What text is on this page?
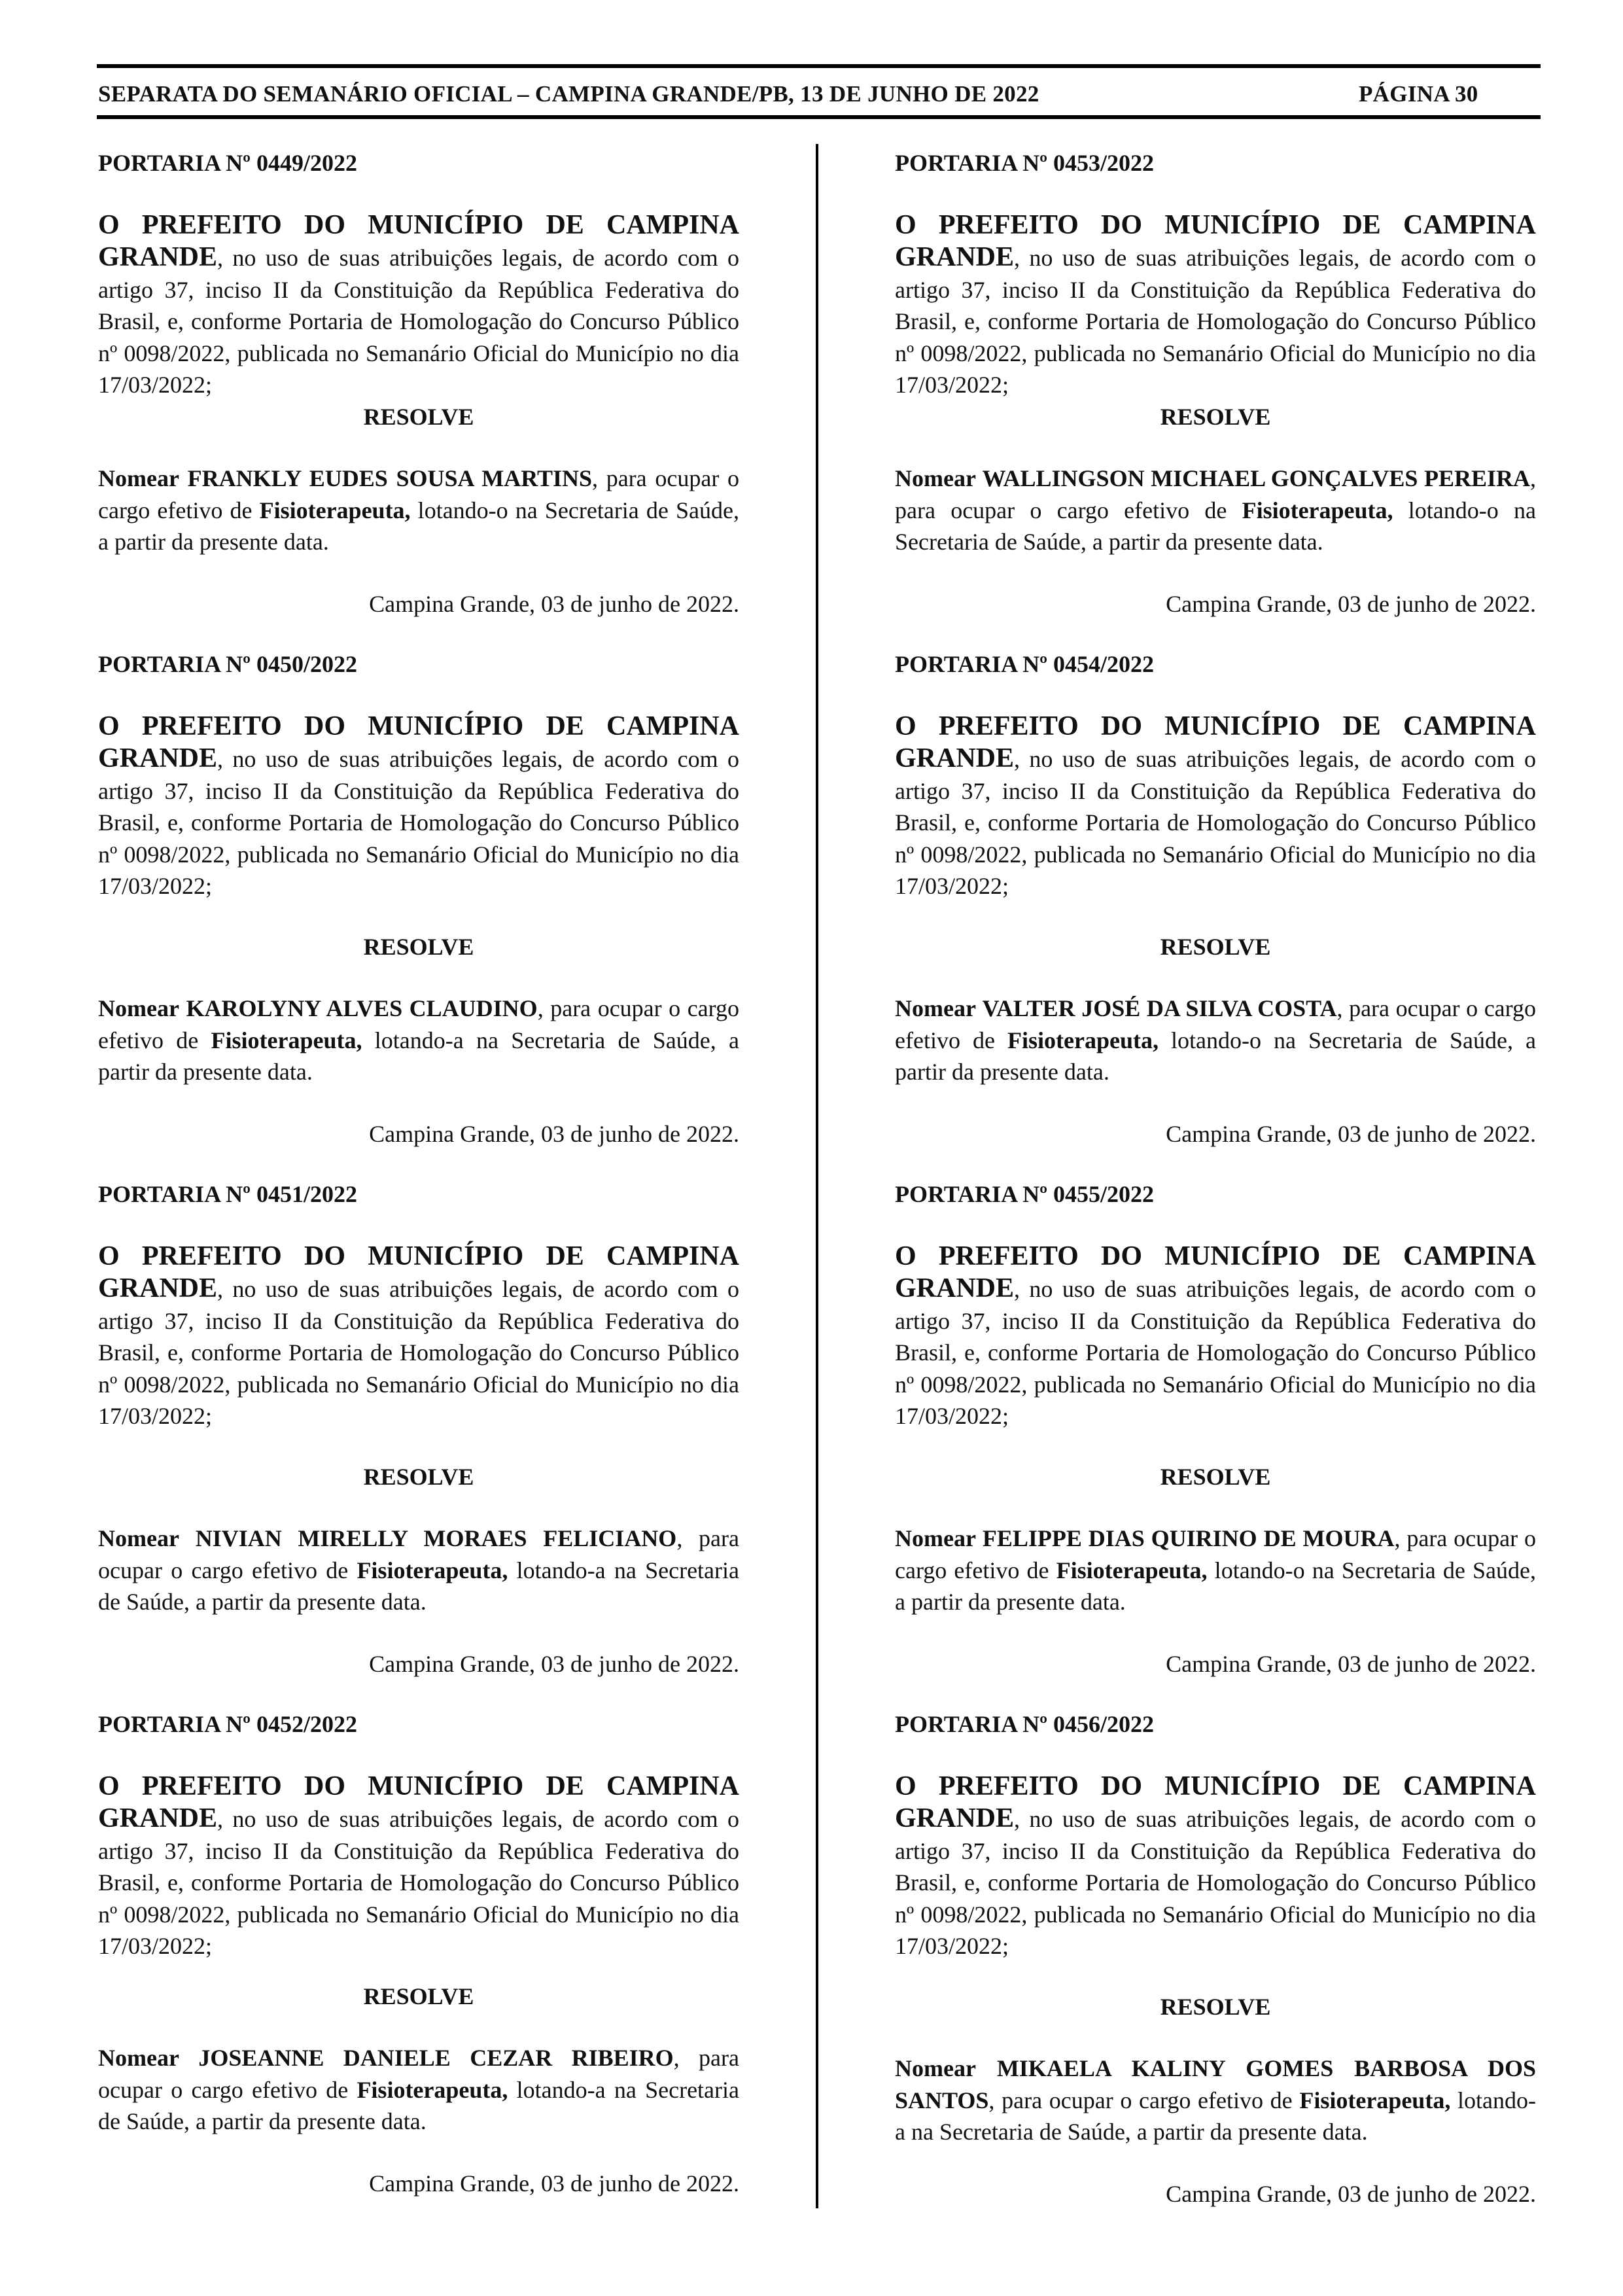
SEPARATA DO SEMANÁRIO OFICIAL – CAMPINA GRANDE/PB, 13 DE JUNHO DE 2022	PÁGINA 30

PORTARIA Nº 0449/2022

O PREFEITO DO MUNICÍPIO DE CAMPINA GRANDE, no uso de suas atribuições legais, de acordo com o artigo 37, inciso II da Constituição da República Federativa do Brasil, e, conforme Portaria de Homologação do Concurso Público nº 0098/2022, publicada no Semanário Oficial do Município no dia 17/03/2022;

RESOLVE

Nomear FRANKLY EUDES SOUSA MARTINS, para ocupar o cargo efetivo de Fisioterapeuta, lotando-o na Secretaria de Saúde, a partir da presente data.

Campina Grande, 03 de junho de 2022.

PORTARIA Nº 0450/2022

O PREFEITO DO MUNICÍPIO DE CAMPINA GRANDE, no uso de suas atribuições legais, de acordo com o artigo 37, inciso II da Constituição da República Federativa do Brasil, e, conforme Portaria de Homologação do Concurso Público nº 0098/2022, publicada no Semanário Oficial do Município no dia 17/03/2022;

RESOLVE

Nomear KAROLYNY ALVES CLAUDINO, para ocupar o cargo efetivo de Fisioterapeuta, lotando-a na Secretaria de Saúde, a partir da presente data.

Campina Grande, 03 de junho de 2022.

PORTARIA Nº 0451/2022

O PREFEITO DO MUNICÍPIO DE CAMPINA GRANDE, no uso de suas atribuições legais, de acordo com o artigo 37, inciso II da Constituição da República Federativa do Brasil, e, conforme Portaria de Homologação do Concurso Público nº 0098/2022, publicada no Semanário Oficial do Município no dia 17/03/2022;

RESOLVE

Nomear NIVIAN MIRELLY MORAES FELICIANO, para ocupar o cargo efetivo de Fisioterapeuta, lotando-a na Secretaria de Saúde, a partir da presente data.

Campina Grande, 03 de junho de 2022.

PORTARIA Nº 0452/2022

O PREFEITO DO MUNICÍPIO DE CAMPINA GRANDE, no uso de suas atribuições legais, de acordo com o artigo 37, inciso II da Constituição da República Federativa do Brasil, e, conforme Portaria de Homologação do Concurso Público nº 0098/2022, publicada no Semanário Oficial do Município no dia 17/03/2022;

RESOLVE

Nomear JOSEANNE DANIELE CEZAR RIBEIRO, para ocupar o cargo efetivo de Fisioterapeuta, lotando-a na Secretaria de Saúde, a partir da presente data.

Campina Grande, 03 de junho de 2022.

PORTARIA Nº 0453/2022

O PREFEITO DO MUNICÍPIO DE CAMPINA GRANDE, no uso de suas atribuições legais, de acordo com o artigo 37, inciso II da Constituição da República Federativa do Brasil, e, conforme Portaria de Homologação do Concurso Público nº 0098/2022, publicada no Semanário Oficial do Município no dia 17/03/2022;

RESOLVE

Nomear WALLINGSON MICHAEL GONÇALVES PEREIRA, para ocupar o cargo efetivo de Fisioterapeuta, lotando-o na Secretaria de Saúde, a partir da presente data.

Campina Grande, 03 de junho de 2022.

PORTARIA Nº 0454/2022

O PREFEITO DO MUNICÍPIO DE CAMPINA GRANDE, no uso de suas atribuições legais, de acordo com o artigo 37, inciso II da Constituição da República Federativa do Brasil, e, conforme Portaria de Homologação do Concurso Público nº 0098/2022, publicada no Semanário Oficial do Município no dia 17/03/2022;

RESOLVE

Nomear VALTER JOSÉ DA SILVA COSTA, para ocupar o cargo efetivo de Fisioterapeuta, lotando-o na Secretaria de Saúde, a partir da presente data.

Campina Grande, 03 de junho de 2022.

PORTARIA Nº 0455/2022

O PREFEITO DO MUNICÍPIO DE CAMPINA GRANDE, no uso de suas atribuições legais, de acordo com o artigo 37, inciso II da Constituição da República Federativa do Brasil, e, conforme Portaria de Homologação do Concurso Público nº 0098/2022, publicada no Semanário Oficial do Município no dia 17/03/2022;

RESOLVE

Nomear FELIPPE DIAS QUIRINO DE MOURA, para ocupar o cargo efetivo de Fisioterapeuta, lotando-o na Secretaria de Saúde, a partir da presente data.

Campina Grande, 03 de junho de 2022.

PORTARIA Nº 0456/2022

O PREFEITO DO MUNICÍPIO DE CAMPINA GRANDE, no uso de suas atribuições legais, de acordo com o artigo 37, inciso II da Constituição da República Federativa do Brasil, e, conforme Portaria de Homologação do Concurso Público nº 0098/2022, publicada no Semanário Oficial do Município no dia 17/03/2022;

RESOLVE

Nomear MIKAELA KALINY GOMES BARBOSA DOS SANTOS, para ocupar o cargo efetivo de Fisioterapeuta, lotando-a na Secretaria de Saúde, a partir da presente data.

Campina Grande, 03 de junho de 2022.
